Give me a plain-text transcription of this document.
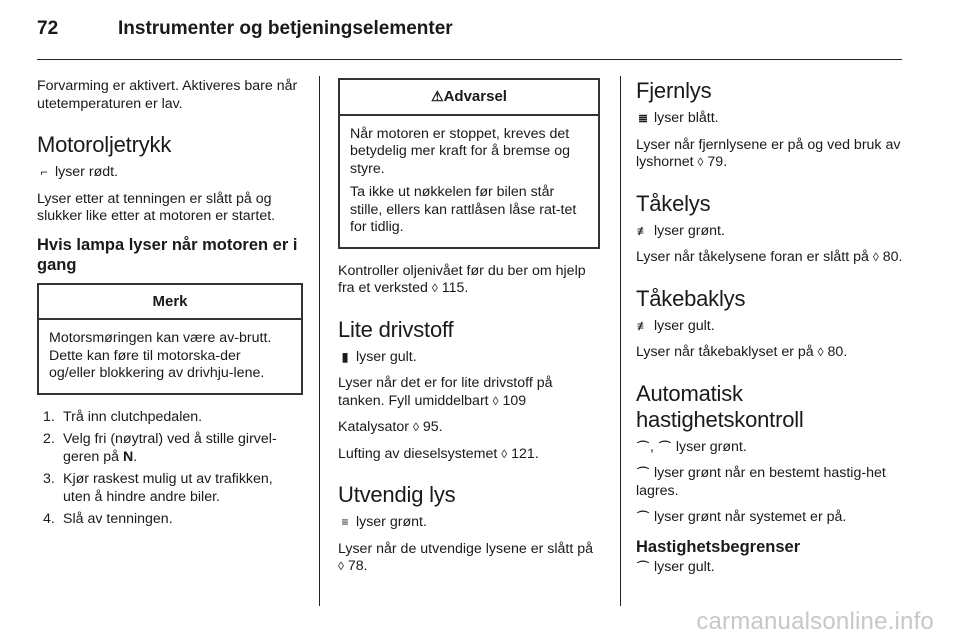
72	Instrumenter og betjeningselementer

Forvarming er aktivert. Aktiveres bare når utetemperaturen er lav.

Motoroljetrykk

⌐ lyser rødt.

Lyser etter at tenningen er slått på og slukker like etter at motoren er startet.

Hvis lampa lyser når motoren er i gang
Merk

Motorsmøringen kan være av-brutt. Dette kan føre til motorska-der og/eller blokkering av drivhju-lene.

1. Trå inn clutchpedalen.
2. Velg fri (nøytral) ved å stille girvel-geren på N.
3. Kjør raskest mulig ut av trafikken, uten å hindre andre biler.
4. Slå av tenningen.
⚠Advarsel

Når motoren er stoppet, kreves det betydelig mer kraft for å bremse og styre.

Ta ikke ut nøkkelen før bilen står stille, ellers kan rattlåsen låse rat-tet for tidlig.

Kontroller oljenivået før du ber om hjelp fra et verksted ◊ 115.

Lite drivstoff

▮ lyser gult.

Lyser når det er for lite drivstoff på tanken. Fyll umiddelbart ◊ 109

Katalysator ◊ 95.

Lufting av dieselsystemet ◊ 121.

Utvendig lys

≡ lyser grønt.

Lyser når de utvendige lysene er slått på ◊ 78.

Fjernlys

≣ lyser blått.

Lyser når fjernlysene er på og ved bruk av lyshornet ◊ 79.

Tåkelys

≢ lyser grønt.

Lyser når tåkelysene foran er slått på ◊ 80.

Tåkebaklys

≢ lyser gult.

Lyser når tåkebaklyset er på ◊ 80.

Automatisk hastighetskontroll

⌒, ⌒ lyser grønt.

⌒ lyser grønt når en bestemt hastig-het lagres.

⌒ lyser grønt når systemet er på.

Hastighetsbegrenser

⌒ lyser gult.

carmanualsonline.info
